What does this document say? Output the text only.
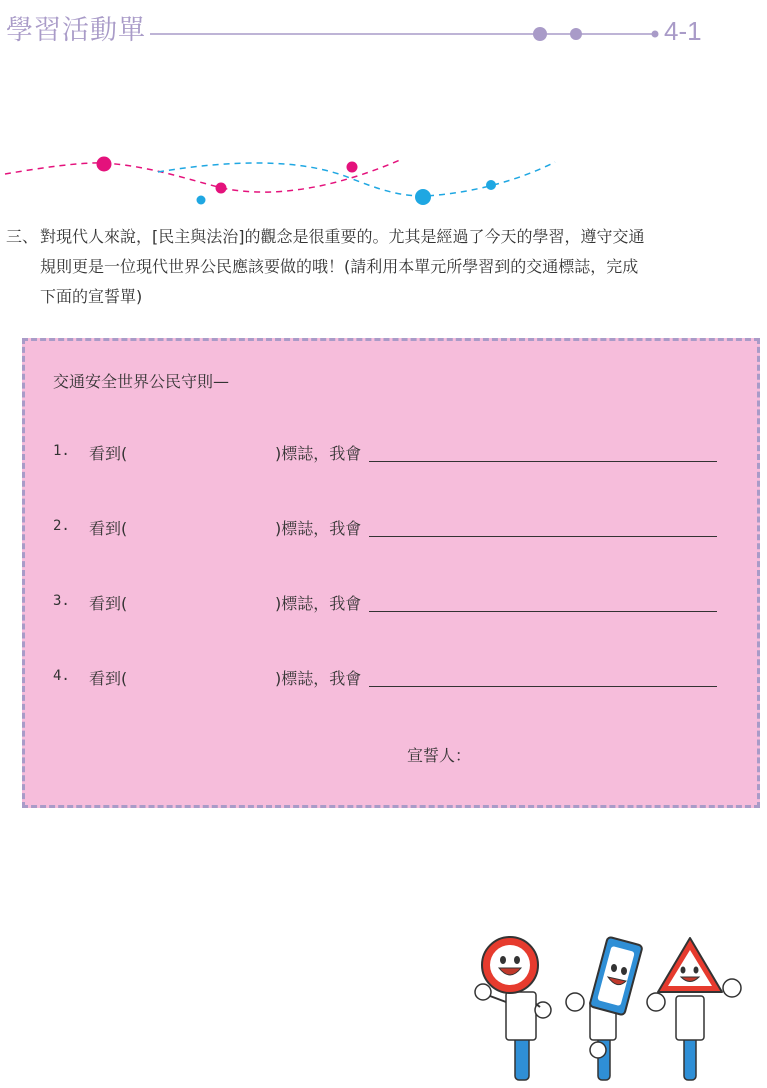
學習活動單	4-1
三、 對現代人來說，[民主與法治]的觀念是很重要的。尤其是經過了今天的學習，遵守交通
規則更是一位現代世界公民應該要做的哦！(請利用本單元所學習到的交通標誌，完成
下面的宣誓單)
交通安全世界公民守則—
1.	看到(	)標誌，我會
2.	看到(	)標誌，我會
3.	看到(	)標誌，我會
4.	看到(	)標誌，我會
宣誓人：
